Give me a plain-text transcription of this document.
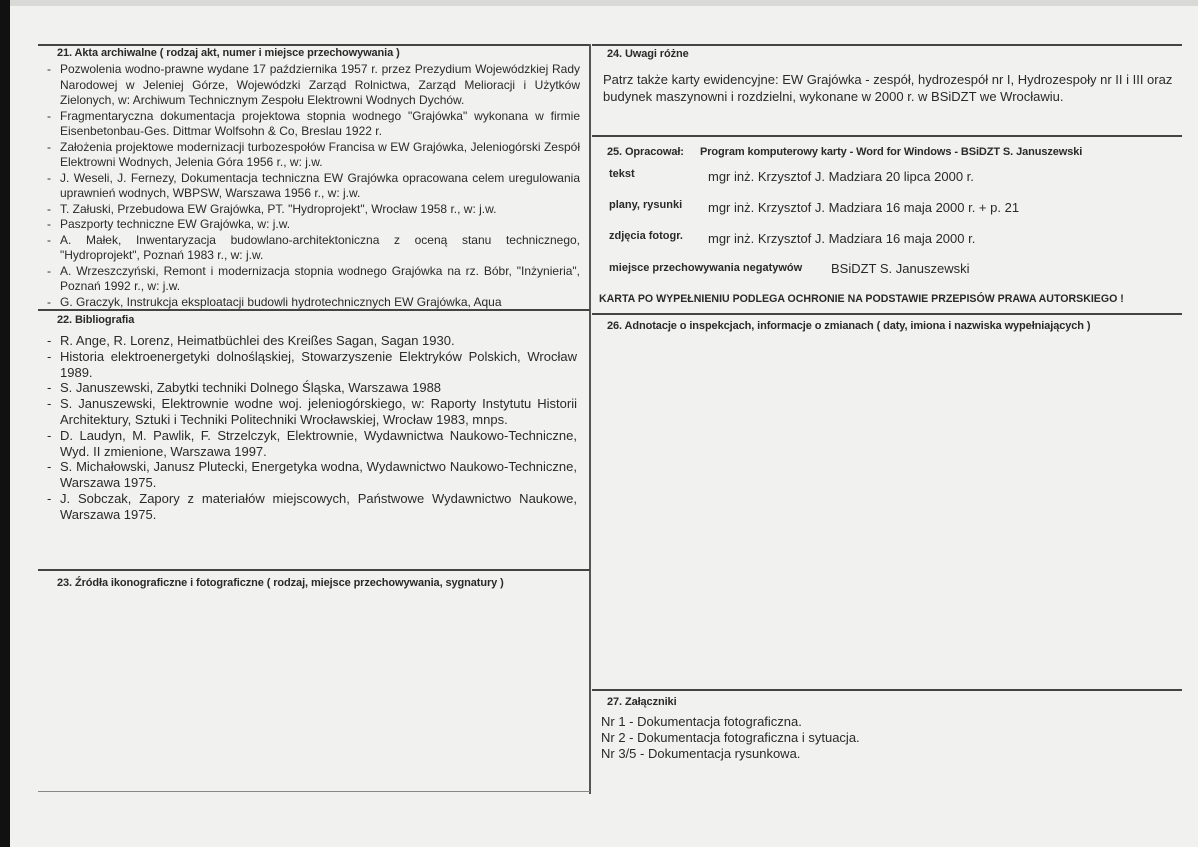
21. Akta archiwalne ( rodzaj akt, numer i miejsce przechowywania )
- Pozwolenia wodno-prawne wydane 17 października 1957 r. przez Prezydium Wojewódzkiej Rady Narodowej w Jeleniej Górze, Wojewódzki Zarząd Rolnictwa, Zarząd Melioracji i Użytków Zielonych, w: Archiwum Technicznym Zespołu Elektrowni Wodnych Dychów.
- Fragmentaryczna dokumentacja projektowa stopnia wodnego "Grajówka" wykonana w firmie Eisenbetonbau-Ges. Dittmar Wolfsohn & Co, Breslau 1922 r.
- Założenia projektowe modernizacji turbozespołów Francisa w EW Grajówka, Jeleniogórski Zespół Elektrowni Wodnych, Jelenia Góra 1956 r., w: j.w.
- J. Weseli, J. Fernezy, Dokumentacja techniczna EW Grajówka opracowana celem uregulowania uprawnień wodnych, WBPSW, Warszawa 1956 r., w: j.w.
- T. Załuski, Przebudowa EW Grajówka, PT. "Hydroprojekt", Wrocław 1958 r., w: j.w.
- Paszporty techniczne EW Grajówka, w: j.w.
- A. Małek, Inwentaryzacja budowlano-architektoniczna z oceną stanu technicznego, "Hydroprojekt", Poznań 1983 r., w: j.w.
- A. Wrzeszczyński, Remont i modernizacja stopnia wodnego Grajówka na rz. Bóbr, "Inżynieria", Poznań 1992 r., w: j.w.
- G. Graczyk, Instrukcja eksploatacji budowli hydrotechnicznych EW Grajówka, Aqua
22. Bibliografia
- R. Ange, R. Lorenz, Heimatbüchlei des Kreißes Sagan, Sagan 1930.
- Historia elektroenergetyki dolnośląskiej, Stowarzyszenie Elektryków Polskich, Wrocław 1989.
- S. Januszewski, Zabytki techniki Dolnego Śląska, Warszawa 1988
- S. Januszewski, Elektrownie wodne woj. jeleniogórskiego, w: Raporty Instytutu Historii Architektury, Sztuki i Techniki Politechniki Wrocławskiej, Wrocław 1983, mnps.
- D. Laudyn, M. Pawlik, F. Strzelczyk, Elektrownie, Wydawnictwa Naukowo-Techniczne, Wyd. II zmienione, Warszawa 1997.
- S. Michałowski, Janusz Plutecki, Energetyka wodna, Wydawnictwo Naukowo-Techniczne, Warszawa 1975.
- J. Sobczak, Zapory z materiałów miejscowych, Państwowe Wydawnictwo Naukowe, Warszawa 1975.
23. Źródła ikonograficzne i fotograficzne ( rodzaj, miejsce przechowywania, sygnatury )
24. Uwagi różne
Patrz także karty ewidencyjne: EW Grajówka - zespół, hydrozespół nr I, Hydrozespoły nr II i III oraz budynek maszynowni i rozdzielni, wykonane w 2000 r. w BSiDZT we Wrocławiu.
25. Opracował: Program komputerowy karty - Word for Windows - BSiDZT S. Januszewski
tekst	mgr inż. Krzysztof J. Madziara 20 lipca 2000 r.
plany, rysunki mgr inż. Krzysztof J. Madziara 16 maja 2000 r. + p. 21
zdjęcia fotogr. mgr inż. Krzysztof J. Madziara 16 maja 2000 r.
miejsce przechowywania negatywów BSiDZT S. Januszewski
KARTA PO WYPEŁNIENIU PODLEGA OCHRONIE NA PODSTAWIE PRZEPISÓW PRAWA AUTORSKIEGO !
26. Adnotacje o inspekcjach, informacje o zmianach ( daty, imiona i nazwiska wypełniających )
27. Załączniki
Nr 1 - Dokumentacja fotograficzna.
Nr 2 - Dokumentacja fotograficzna i sytuacja.
Nr 3/5 - Dokumentacja rysunkowa.
